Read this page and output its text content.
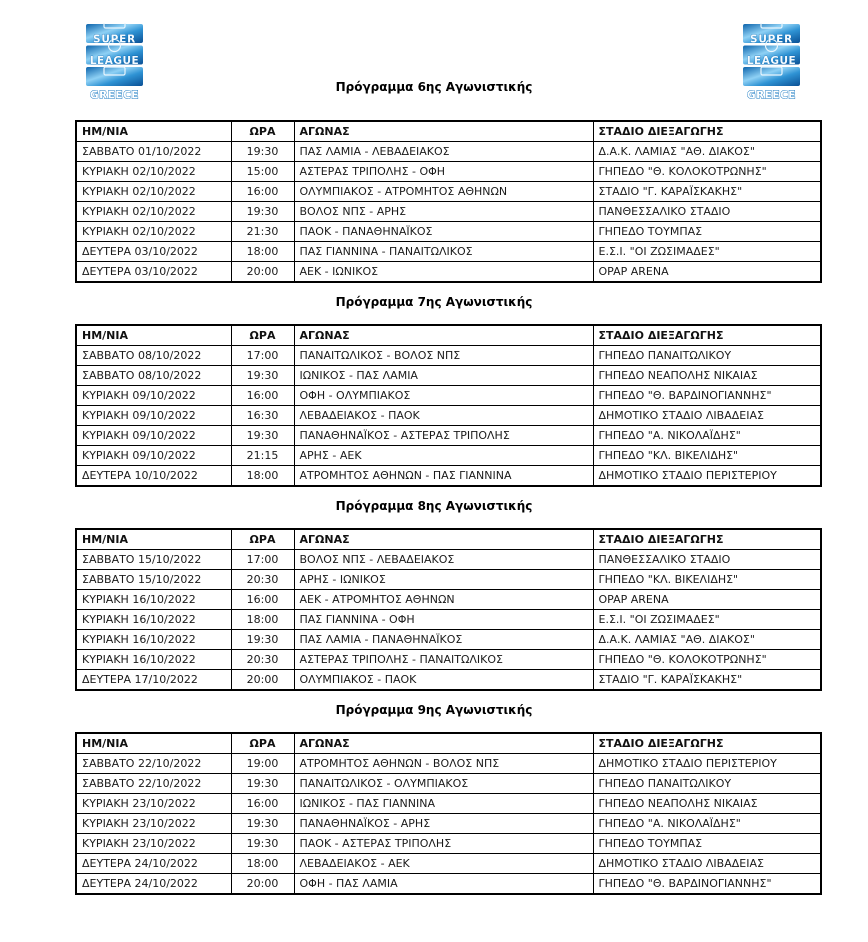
SUPER
LEAGUE
GREECE
SUPER
LEAGUE
GREECE
Πρόγραμμα 6ης Αγωνιστικής
ΗΜ/ΝΙΑ	ΩΡΑ	ΑΓΩΝΑΣ	ΣΤΑΔΙΟ ΔΙΕΞΑΓΩΓΗΣ
ΣΑΒΒΑΤΟ 01/10/2022	19:30	ΠΑΣ ΛΑΜΙΑ - ΛΕΒΑΔΕΙΑΚΟΣ	Δ.Α.Κ. ΛΑΜΙΑΣ "ΑΘ. ΔΙΑΚΟΣ"
ΚΥΡΙΑΚΗ 02/10/2022	15:00	ΑΣΤΕΡΑΣ ΤΡΙΠΟΛΗΣ - ΟΦΗ	ΓΗΠΕΔΟ "Θ. ΚΟΛΟΚΟΤΡΩΝΗΣ"
ΚΥΡΙΑΚΗ 02/10/2022	16:00	ΟΛΥΜΠΙΑΚΟΣ - ΑΤΡΟΜΗΤΟΣ ΑΘΗΝΩΝ	ΣΤΑΔΙΟ "Γ. ΚΑΡΑΪΣΚΑΚΗΣ"
ΚΥΡΙΑΚΗ 02/10/2022	19:30	ΒΟΛΟΣ ΝΠΣ - ΑΡΗΣ	ΠΑΝΘΕΣΣΑΛΙΚΟ ΣΤΑΔΙΟ
ΚΥΡΙΑΚΗ 02/10/2022	21:30	ΠΑΟΚ - ΠΑΝΑΘΗΝΑΪΚΟΣ	ΓΗΠΕΔΟ ΤΟΥΜΠΑΣ
ΔΕΥΤΕΡΑ 03/10/2022	18:00	ΠΑΣ ΓΙΑΝΝΙΝΑ - ΠΑΝΑΙΤΩΛΙΚΟΣ	Ε.Σ.Ι. "ΟΙ ΖΩΣΙΜΑΔΕΣ"
ΔΕΥΤΕΡΑ 03/10/2022	20:00	ΑΕΚ - ΙΩΝΙΚΟΣ	OPAP ARENA
Πρόγραμμα 7ης Αγωνιστικής
ΗΜ/ΝΙΑ	ΩΡΑ	ΑΓΩΝΑΣ	ΣΤΑΔΙΟ ΔΙΕΞΑΓΩΓΗΣ
ΣΑΒΒΑΤΟ 08/10/2022	17:00	ΠΑΝΑΙΤΩΛΙΚΟΣ - ΒΟΛΟΣ ΝΠΣ	ΓΗΠΕΔΟ ΠΑΝΑΙΤΩΛΙΚΟΥ
ΣΑΒΒΑΤΟ 08/10/2022	19:30	ΙΩΝΙΚΟΣ - ΠΑΣ ΛΑΜΙΑ	ΓΗΠΕΔΟ ΝΕΑΠΟΛΗΣ ΝΙΚΑΙΑΣ
ΚΥΡΙΑΚΗ 09/10/2022	16:00	ΟΦΗ - ΟΛΥΜΠΙΑΚΟΣ	ΓΗΠΕΔΟ "Θ. ΒΑΡΔΙΝΟΓΙΑΝΝΗΣ"
ΚΥΡΙΑΚΗ 09/10/2022	16:30	ΛΕΒΑΔΕΙΑΚΟΣ - ΠΑΟΚ	ΔΗΜΟΤΙΚΟ ΣΤΑΔΙΟ ΛΙΒΑΔΕΙΑΣ
ΚΥΡΙΑΚΗ 09/10/2022	19:30	ΠΑΝΑΘΗΝΑΪΚΟΣ - ΑΣΤΕΡΑΣ ΤΡΙΠΟΛΗΣ	ΓΗΠΕΔΟ "Α. ΝΙΚΟΛΑΪΔΗΣ"
ΚΥΡΙΑΚΗ 09/10/2022	21:15	ΑΡΗΣ - ΑΕΚ	ΓΗΠΕΔΟ "ΚΛ. ΒΙΚΕΛΙΔΗΣ"
ΔΕΥΤΕΡΑ 10/10/2022	18:00	ΑΤΡΟΜΗΤΟΣ ΑΘΗΝΩΝ - ΠΑΣ ΓΙΑΝΝΙΝΑ	ΔΗΜΟΤΙΚΟ ΣΤΑΔΙΟ ΠΕΡΙΣΤΕΡΙΟΥ
Πρόγραμμα 8ης Αγωνιστικής
ΗΜ/ΝΙΑ	ΩΡΑ	ΑΓΩΝΑΣ	ΣΤΑΔΙΟ ΔΙΕΞΑΓΩΓΗΣ
ΣΑΒΒΑΤΟ 15/10/2022	17:00	ΒΟΛΟΣ ΝΠΣ - ΛΕΒΑΔΕΙΑΚΟΣ	ΠΑΝΘΕΣΣΑΛΙΚΟ ΣΤΑΔΙΟ
ΣΑΒΒΑΤΟ 15/10/2022	20:30	ΑΡΗΣ - ΙΩΝΙΚΟΣ	ΓΗΠΕΔΟ "ΚΛ. ΒΙΚΕΛΙΔΗΣ"
ΚΥΡΙΑΚΗ 16/10/2022	16:00	ΑΕΚ - ΑΤΡΟΜΗΤΟΣ ΑΘΗΝΩΝ	OPAP ARENA
ΚΥΡΙΑΚΗ 16/10/2022	18:00	ΠΑΣ ΓΙΑΝΝΙΝΑ - ΟΦΗ	Ε.Σ.Ι. "ΟΙ ΖΩΣΙΜΑΔΕΣ"
ΚΥΡΙΑΚΗ 16/10/2022	19:30	ΠΑΣ ΛΑΜΙΑ - ΠΑΝΑΘΗΝΑΪΚΟΣ	Δ.Α.Κ. ΛΑΜΙΑΣ "ΑΘ. ΔΙΑΚΟΣ"
ΚΥΡΙΑΚΗ 16/10/2022	20:30	ΑΣΤΕΡΑΣ ΤΡΙΠΟΛΗΣ - ΠΑΝΑΙΤΩΛΙΚΟΣ	ΓΗΠΕΔΟ "Θ. ΚΟΛΟΚΟΤΡΩΝΗΣ"
ΔΕΥΤΕΡΑ 17/10/2022	20:00	ΟΛΥΜΠΙΑΚΟΣ - ΠΑΟΚ	ΣΤΑΔΙΟ "Γ. ΚΑΡΑΪΣΚΑΚΗΣ"
Πρόγραμμα 9ης Αγωνιστικής
ΗΜ/ΝΙΑ	ΩΡΑ	ΑΓΩΝΑΣ	ΣΤΑΔΙΟ ΔΙΕΞΑΓΩΓΗΣ
ΣΑΒΒΑΤΟ 22/10/2022	19:00	ΑΤΡΟΜΗΤΟΣ ΑΘΗΝΩΝ - ΒΟΛΟΣ ΝΠΣ	ΔΗΜΟΤΙΚΟ ΣΤΑΔΙΟ ΠΕΡΙΣΤΕΡΙΟΥ
ΣΑΒΒΑΤΟ 22/10/2022	19:30	ΠΑΝΑΙΤΩΛΙΚΟΣ - ΟΛΥΜΠΙΑΚΟΣ	ΓΗΠΕΔΟ ΠΑΝΑΙΤΩΛΙΚΟΥ
ΚΥΡΙΑΚΗ 23/10/2022	16:00	ΙΩΝΙΚΟΣ - ΠΑΣ ΓΙΑΝΝΙΝΑ	ΓΗΠΕΔΟ ΝΕΑΠΟΛΗΣ ΝΙΚΑΙΑΣ
ΚΥΡΙΑΚΗ 23/10/2022	19:30	ΠΑΝΑΘΗΝΑΪΚΟΣ - ΑΡΗΣ	ΓΗΠΕΔΟ "Α. ΝΙΚΟΛΑΪΔΗΣ"
ΚΥΡΙΑΚΗ 23/10/2022	19:30	ΠΑΟΚ - ΑΣΤΕΡΑΣ ΤΡΙΠΟΛΗΣ	ΓΗΠΕΔΟ ΤΟΥΜΠΑΣ
ΔΕΥΤΕΡΑ 24/10/2022	18:00	ΛΕΒΑΔΕΙΑΚΟΣ - ΑΕΚ	ΔΗΜΟΤΙΚΟ ΣΤΑΔΙΟ ΛΙΒΑΔΕΙΑΣ
ΔΕΥΤΕΡΑ 24/10/2022	20:00	ΟΦΗ - ΠΑΣ ΛΑΜΙΑ	ΓΗΠΕΔΟ "Θ. ΒΑΡΔΙΝΟΓΙΑΝΝΗΣ"
